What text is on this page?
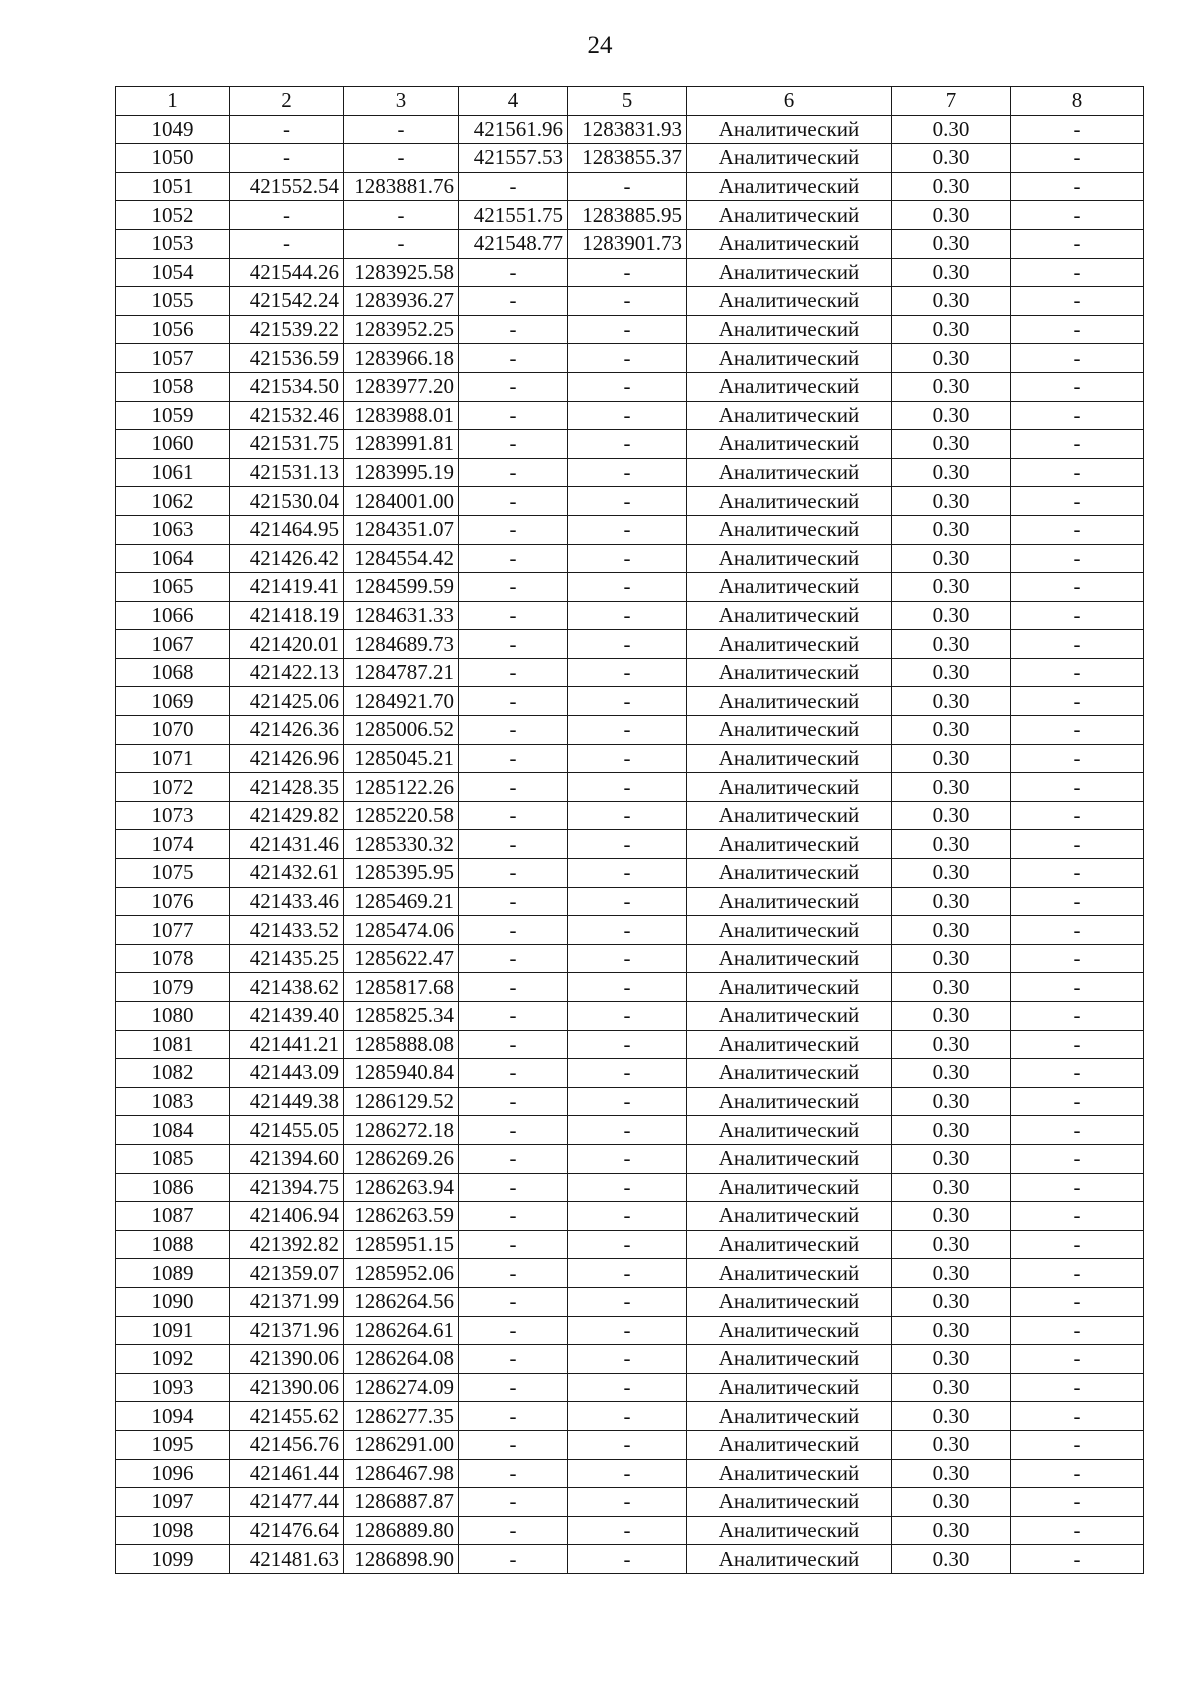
24
1	2	3	4	5	6	7	8
1049	-	-	421561.96	1283831.93	Аналитический	0.30	-
1050	-	-	421557.53	1283855.37	Аналитический	0.30	-
1051	421552.54	1283881.76	-	-	Аналитический	0.30	-
1052	-	-	421551.75	1283885.95	Аналитический	0.30	-
1053	-	-	421548.77	1283901.73	Аналитический	0.30	-
1054	421544.26	1283925.58	-	-	Аналитический	0.30	-
1055	421542.24	1283936.27	-	-	Аналитический	0.30	-
1056	421539.22	1283952.25	-	-	Аналитический	0.30	-
1057	421536.59	1283966.18	-	-	Аналитический	0.30	-
1058	421534.50	1283977.20	-	-	Аналитический	0.30	-
1059	421532.46	1283988.01	-	-	Аналитический	0.30	-
1060	421531.75	1283991.81	-	-	Аналитический	0.30	-
1061	421531.13	1283995.19	-	-	Аналитический	0.30	-
1062	421530.04	1284001.00	-	-	Аналитический	0.30	-
1063	421464.95	1284351.07	-	-	Аналитический	0.30	-
1064	421426.42	1284554.42	-	-	Аналитический	0.30	-
1065	421419.41	1284599.59	-	-	Аналитический	0.30	-
1066	421418.19	1284631.33	-	-	Аналитический	0.30	-
1067	421420.01	1284689.73	-	-	Аналитический	0.30	-
1068	421422.13	1284787.21	-	-	Аналитический	0.30	-
1069	421425.06	1284921.70	-	-	Аналитический	0.30	-
1070	421426.36	1285006.52	-	-	Аналитический	0.30	-
1071	421426.96	1285045.21	-	-	Аналитический	0.30	-
1072	421428.35	1285122.26	-	-	Аналитический	0.30	-
1073	421429.82	1285220.58	-	-	Аналитический	0.30	-
1074	421431.46	1285330.32	-	-	Аналитический	0.30	-
1075	421432.61	1285395.95	-	-	Аналитический	0.30	-
1076	421433.46	1285469.21	-	-	Аналитический	0.30	-
1077	421433.52	1285474.06	-	-	Аналитический	0.30	-
1078	421435.25	1285622.47	-	-	Аналитический	0.30	-
1079	421438.62	1285817.68	-	-	Аналитический	0.30	-
1080	421439.40	1285825.34	-	-	Аналитический	0.30	-
1081	421441.21	1285888.08	-	-	Аналитический	0.30	-
1082	421443.09	1285940.84	-	-	Аналитический	0.30	-
1083	421449.38	1286129.52	-	-	Аналитический	0.30	-
1084	421455.05	1286272.18	-	-	Аналитический	0.30	-
1085	421394.60	1286269.26	-	-	Аналитический	0.30	-
1086	421394.75	1286263.94	-	-	Аналитический	0.30	-
1087	421406.94	1286263.59	-	-	Аналитический	0.30	-
1088	421392.82	1285951.15	-	-	Аналитический	0.30	-
1089	421359.07	1285952.06	-	-	Аналитический	0.30	-
1090	421371.99	1286264.56	-	-	Аналитический	0.30	-
1091	421371.96	1286264.61	-	-	Аналитический	0.30	-
1092	421390.06	1286264.08	-	-	Аналитический	0.30	-
1093	421390.06	1286274.09	-	-	Аналитический	0.30	-
1094	421455.62	1286277.35	-	-	Аналитический	0.30	-
1095	421456.76	1286291.00	-	-	Аналитический	0.30	-
1096	421461.44	1286467.98	-	-	Аналитический	0.30	-
1097	421477.44	1286887.87	-	-	Аналитический	0.30	-
1098	421476.64	1286889.80	-	-	Аналитический	0.30	-
1099	421481.63	1286898.90	-	-	Аналитический	0.30	-
